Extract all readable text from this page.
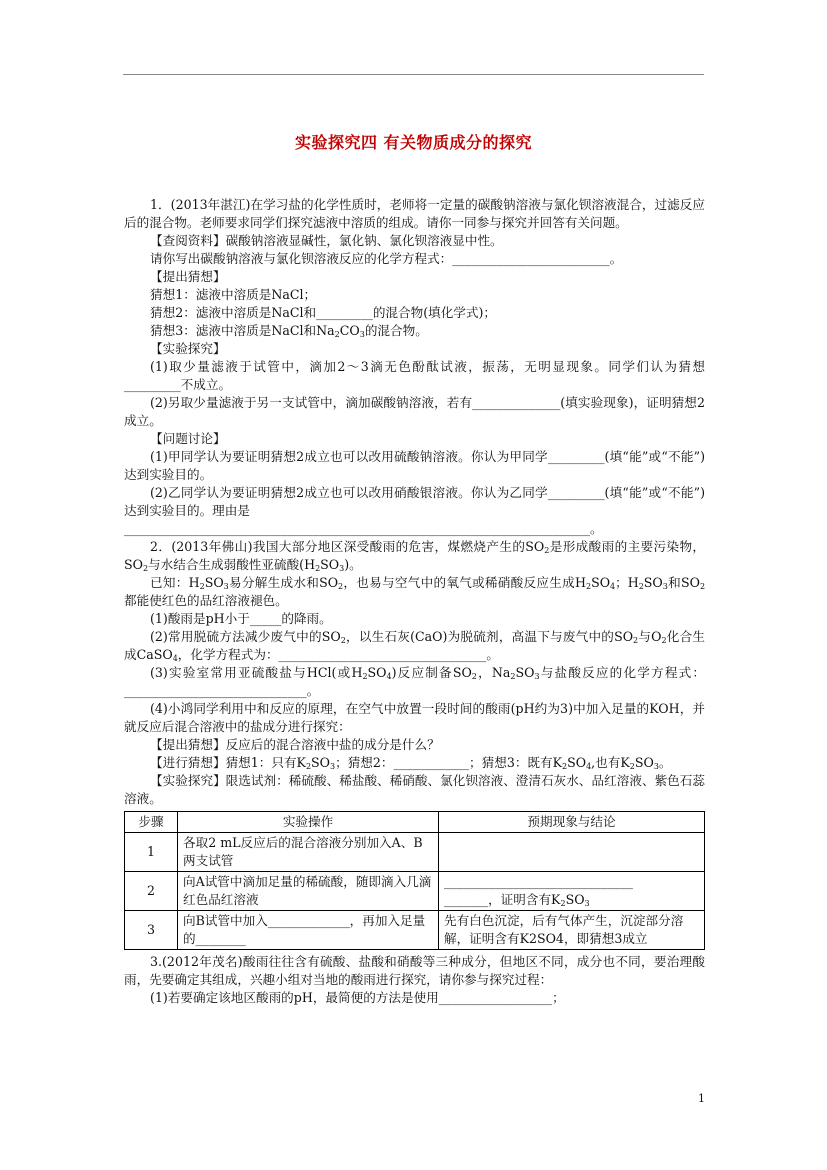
实验探究四 有关物质成分的探究

1．(2013年湛江)在学习盐的化学性质时，老师将一定量的碳酸钠溶液与氯化钡溶液混合，过滤反应后的混合物。老师要求同学们探究滤液中溶质的组成。请你一同参与探究并回答有关问题。

【查阅资料】碳酸钠溶液显碱性，氯化钠、氯化钡溶液显中性。

请你写出碳酸钠溶液与氯化钡溶液反应的化学方程式：_________________________。

【提出猜想】

猜想1：滤液中溶质是NaCl；

猜想2：滤液中溶质是NaCl和_________的混合物(填化学式)；

猜想3：滤液中溶质是NaCl和$Na_2CO_3$的混合物。

【实验探究】

(1)取少量滤液于试管中，滴加2～3滴无色酚酞试液，振荡，无明显现象。同学们认为猜想_________不成立。

(2)另取少量滤液于另一支试管中，滴加碳酸钠溶液，若有______________(填实验现象)，证明猜想2成立。

【问题讨论】

(1)甲同学认为要证明猜想2成立也可以改用硫酸钠溶液。你认为甲同学_________(填“能”或“不能”)达到实验目的。

(2)乙同学认为要证明猜想2成立也可以改用硝酸银溶液。你认为乙同学_________(填“能”或“不能”)达到实验目的。理由是

__________________________________________________________________________。

2．(2013年佛山)我国大部分地区深受酸雨的危害，煤燃烧产生的$SO_2$是形成酸雨的主要污染物，$SO_2$与水结合生成弱酸性亚硫酸$(H_2SO_3)$。

已知：$H_2SO_3$易分解生成水和$SO_2$，也易与空气中的氧气或稀硝酸反应生成$H_2SO_4$；$H_2SO_3$和$SO_2$都能使红色的品红溶液褪色。

(1)酸雨是pH小于_____的降雨。

(2)常用脱硫方法减少废气中的$SO_2$，以生石灰(CaO)为脱硫剂，高温下与废气中的$SO_2$与$O_2$化合生成CaSO$_4$，化学方程式为：_________________________________。

(3)实验室常用亚硫酸盐与HCl(或$H_2SO_4$)反应制备$SO_2$，$Na_2SO_3$与盐酸反应的化学方程式：_____________________________。

(4)小鸿同学利用中和反应的原理，在空气中放置一段时间的酸雨(pH约为3)中加入足量的KOH，并就反应后混合溶液中的盐成分进行探究：

【提出猜想】反应后的混合溶液中盐的成分是什么？

【进行猜想】猜想1：只有$K_2SO_3$；猜想2：____________；猜想3：既有$K_2SO_4$,也有$K_2SO_3$。

【实验探究】限选试剂：稀硫酸、稀盐酸、稀硝酸、氯化钡溶液、澄清石灰水、品红溶液、紫色石蕊溶液。

步骤	实验操作	预期现象与结论
1	各取2 mL反应后的混合溶液分别加入A、B两支试管	
2	向A试管中滴加足量的稀硫酸，随即滴入几滴红色品红溶液	______________________________
_______，证明含有$K_2SO_3$
3	向B试管中加入_____________，再加入足量的________	先有白色沉淀，后有气体产生，沉淀部分溶解，证明含有K2SO4，即猜想3成立

3.(2012年茂名)酸雨往往含有硫酸、盐酸和硝酸等三种成分，但地区不同，成分也不同，要治理酸雨，先要确定其组成，兴趣小组对当地的酸雨进行探究，请你参与探究过程：

(1)若要确定该地区酸雨的pH，最简便的方法是使用__________________；

1
